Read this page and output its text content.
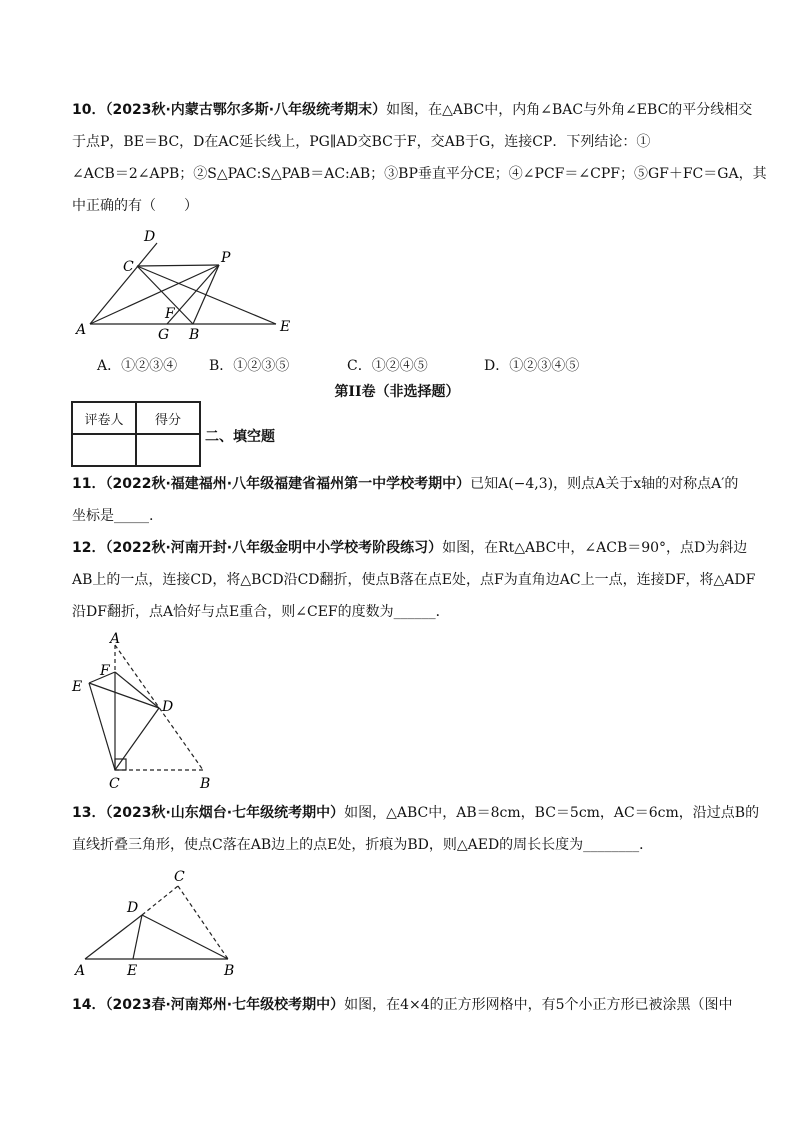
10．（2023秋·内蒙古鄂尔多斯·八年级统考期末）如图，在△ABC中，内角∠BAC与外角∠EBC的平分线相交
于点P，BE＝BC，D在AC延长线上，PG∥AD交BC于F，交AB于G，连接CP．下列结论：①
∠ACB＝2∠APB；②S△PAC:S△PAB＝AC:AB；③BP垂直平分CE；④∠PCF＝∠CPF；⑤GF＋FC＝GA，其
中正确的有（　　）
D
C
P
F
A	G B	E
A．①②③④ B．①②③⑤	C．①②④⑤	D．①②③④⑤
第II卷（非选择题）
评卷人	得分

二、填空题
11．（2022秋·福建福州·八年级福建省福州第一中学校考期中）已知A(−4,3)，则点A关于x轴的对称点A′的
坐标是_____.
12．（2022秋·河南开封·八年级金明中小学校考阶段练习）如图，在Rt△ABC中，∠ACB＝90°，点D为斜边
AB上的一点，连接CD，将△BCD沿CD翻折，使点B落在点E处，点F为直角边AC上一点，连接DF，将△ADF
沿DF翻折，点A恰好与点E重合，则∠CEF的度数为______．
A
F
E
D
C	B
13．（2023秋·山东烟台·七年级统考期中）如图，△ABC中，AB＝8cm，BC＝5cm，AC＝6cm，沿过点B的
直线折叠三角形，使点C落在AB边上的点E处，折痕为BD，则△AED的周长长度为________．
C
D
A	E	B
14．（2023春·河南郑州·七年级校考期中）如图，在4×4的正方形网格中，有5个小正方形已被涂黑（图中
